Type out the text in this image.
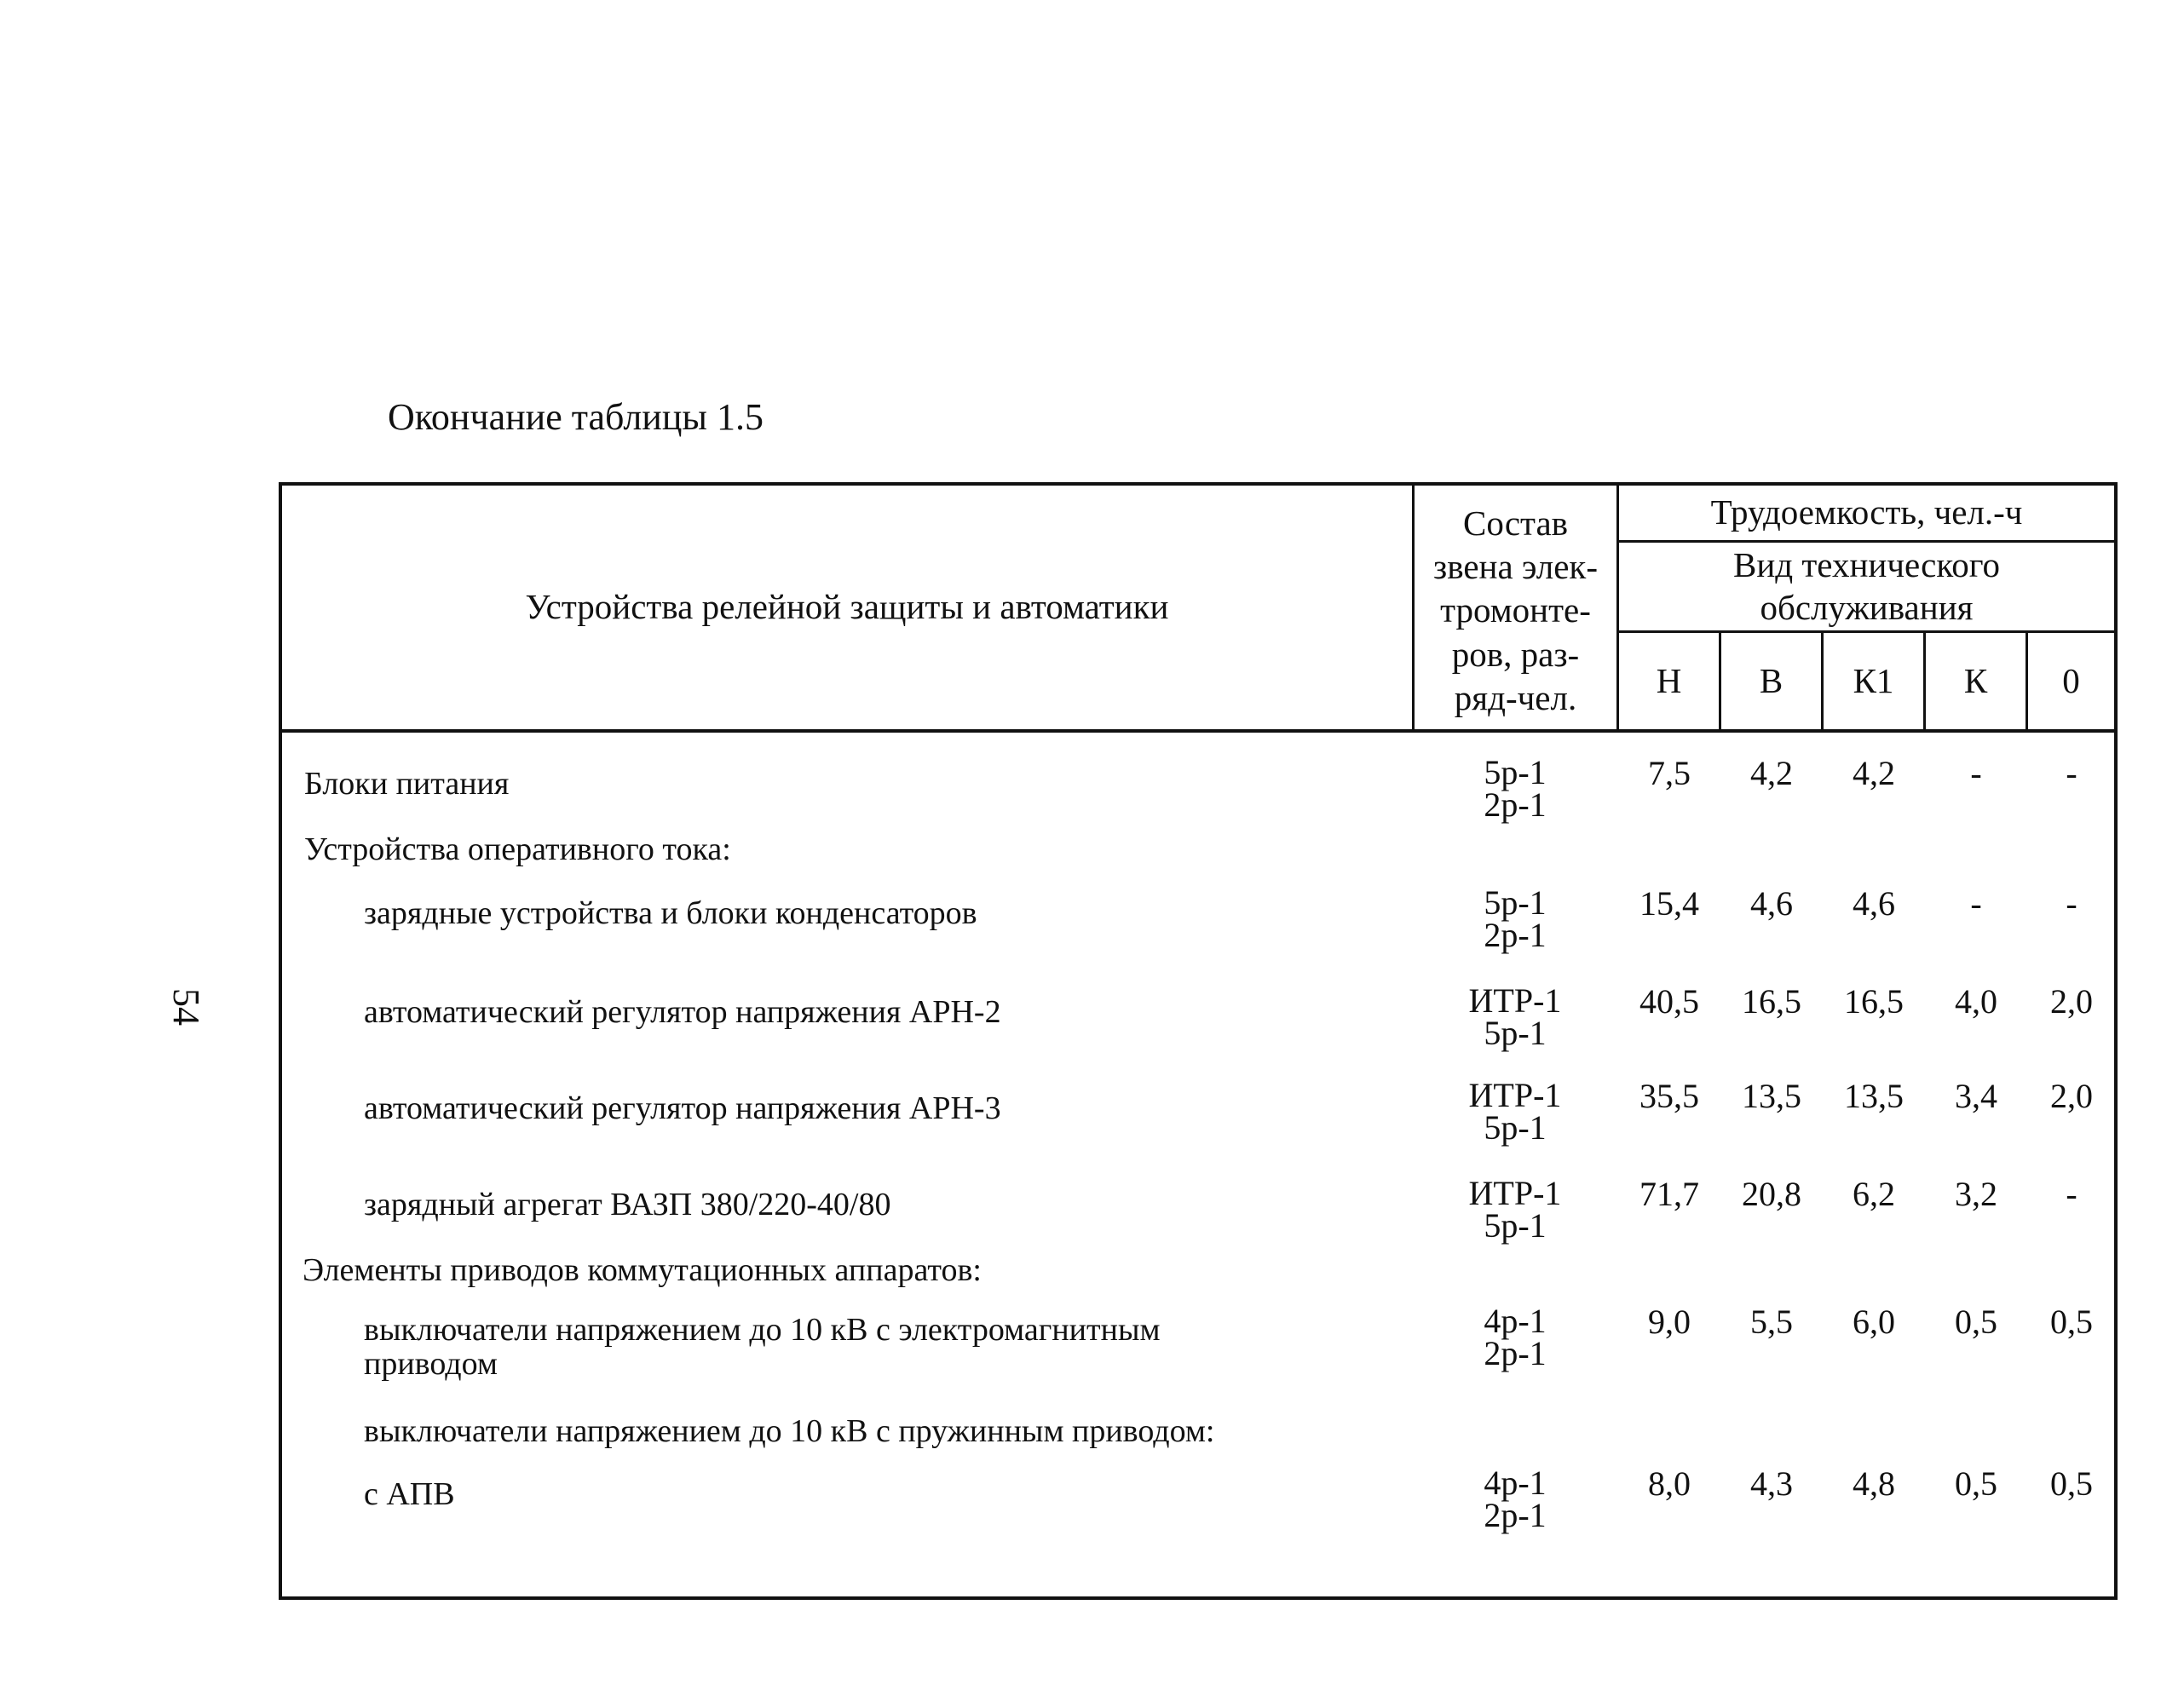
Окончание таблицы 1.5
54
Устройства релейной защиты и автоматики
Состав
звена элек-
тромонте-
ров, раз-
ряд-чел.
Трудоемкость, чел.-ч
Вид технического
обслуживания
Н В К1 К 0
Блоки питания	5р-1
2р-1
7,5	4,2	4,2	-	-
Устройства оперативного тока:
зарядные устройства и блоки конденсаторов	5р-1
2р-1
15,4	4,6	4,6	-	-
автоматический регулятор напряжения АРН-2	ИТР-1
5р-1
40,5	16,5	16,5	4,0	2,0
автоматический регулятор напряжения АРН-3	ИТР-1
5р-1
35,5	13,5	13,5	3,4	2,0
зарядный агрегат ВАЗП 380/220-40/80	ИТР-1
5р-1
71,7	20,8	6,2	3,2	-
Элементы приводов коммутационных аппаратов:
выключатели напряжением до 10 кВ с электромагнитным
приводом
4р-1
2р-1
9,0	5,5	6,0	0,5	0,5
выключатели напряжением до 10 кВ с пружинным приводом:
с АПВ	4р-1
2р-1
8,0	4,3	4,8	0,5	0,5
